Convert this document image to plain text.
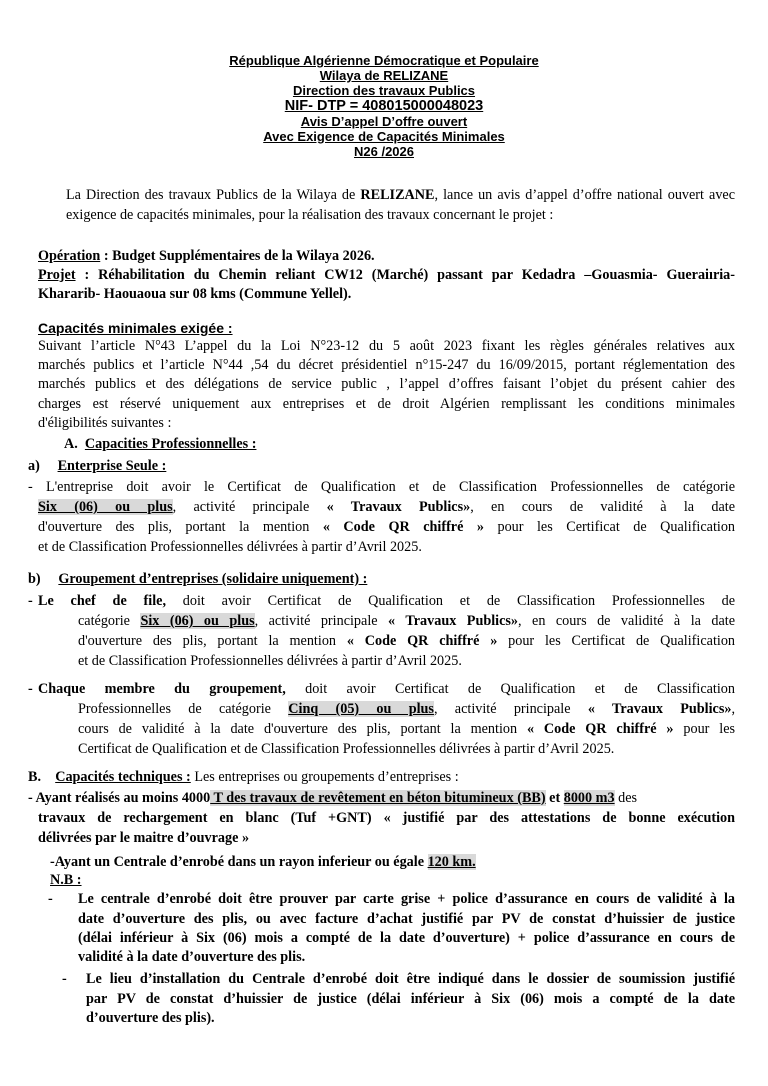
République Algérienne Démocratique et Populaire
Wilaya de RELIZANE
Direction des travaux Publics
NIF- DTP = 408015000048023
Avis D’appel D’offre ouvert
Avec Exigence de Capacités Minimales
N26 /2026
La Direction des travaux Publics de la Wilaya de RELIZANE, lance un avis d’appel d’offre national ouvert avec
exigence de capacités minimales, pour la réalisation des travaux concernant le projet :
Opération : Budget Supplémentaires de la Wilaya 2026.
Projet : Réhabilitation du Chemin reliant CW12 (Marché) passant par Kedadra –Gouasmia- Gueraiıria-
Khararib- Haouaoua sur 08 kms (Commune Yellel).
Capacités minimales exigée :
Suivant l’article N°43 L’appel du la Loi N°23-12 du 5 août 2023 fixant les règles générales relatives aux
marchés publics et l’article N°44 ,54 du décret présidentiel n°15-247 du 16/09/2015, portant réglementation des
marchés publics et des délégations de service public , l’appel d’offres faisant l’objet du présent cahier des
charges est réservé uniquement aux entreprises et de droit Algérien remplissant les conditions minimales
d'éligibilités suivantes :
A. Capacities Professionnelles :
a) Enterprise Seule :
- L'entreprise doit avoir le Certificat de Qualification et de Classification Professionnelles de catégorie
Six (06) ou plus, activité principale « Travaux Publics», en cours de validité à la date
d'ouverture des plis, portant la mention « Code QR chiffré » pour les Certificat de Qualification
et de Classification Professionnelles délivrées à partir d’Avril 2025.
b) Groupement d’entreprises (solidaire uniquement) :
- Le chef de file, doit avoir Certificat de Qualification et de Classification Professionnelles de
catégorie Six (06) ou plus, activité principale « Travaux Publics», en cours de validité à la date
d'ouverture des plis, portant la mention « Code QR chiffré » pour les Certificat de Qualification
et de Classification Professionnelles délivrées à partir d’Avril 2025.
- Chaque membre du groupement, doit avoir Certificat de Qualification et de Classification
Professionnelles de catégorie Cinq (05) ou plus, activité principale « Travaux Publics»,
cours de validité à la date d'ouverture des plis, portant la mention « Code QR chiffré » pour les
Certificat de Qualification et de Classification Professionnelles délivrées à partir d’Avril 2025.
B. Capacités techniques : Les entreprises ou groupements d’entreprises :
- Ayant réalisés au moins 4000 T des travaux de revêtement en béton bitumineux (BB) et 8000 m3 des
travaux de rechargement en blanc (Tuf +GNT) « justifié par des attestations de bonne exécution
délivrées par le maitre d’ouvrage »
-Ayant un Centrale d’enrobé dans un rayon inferieur ou égale 120 km.
N.B :
- Le centrale d’enrobé doit être prouver par carte grise + police d’assurance en cours de validité à la
date d’ouverture des plis, ou avec facture d’achat justifié par PV de constat d’huissier de justice
(délai inférieur à Six (06) mois a compté de la date d’ouverture) + police d’assurance en cours de
validité à la date d’ouverture des plis.
- Le lieu d’installation du Centrale d’enrobé doit être indiqué dans le dossier de soumission justifié
par PV de constat d’huissier de justice (délai inférieur à Six (06) mois a compté de la date
d’ouverture des plis).
